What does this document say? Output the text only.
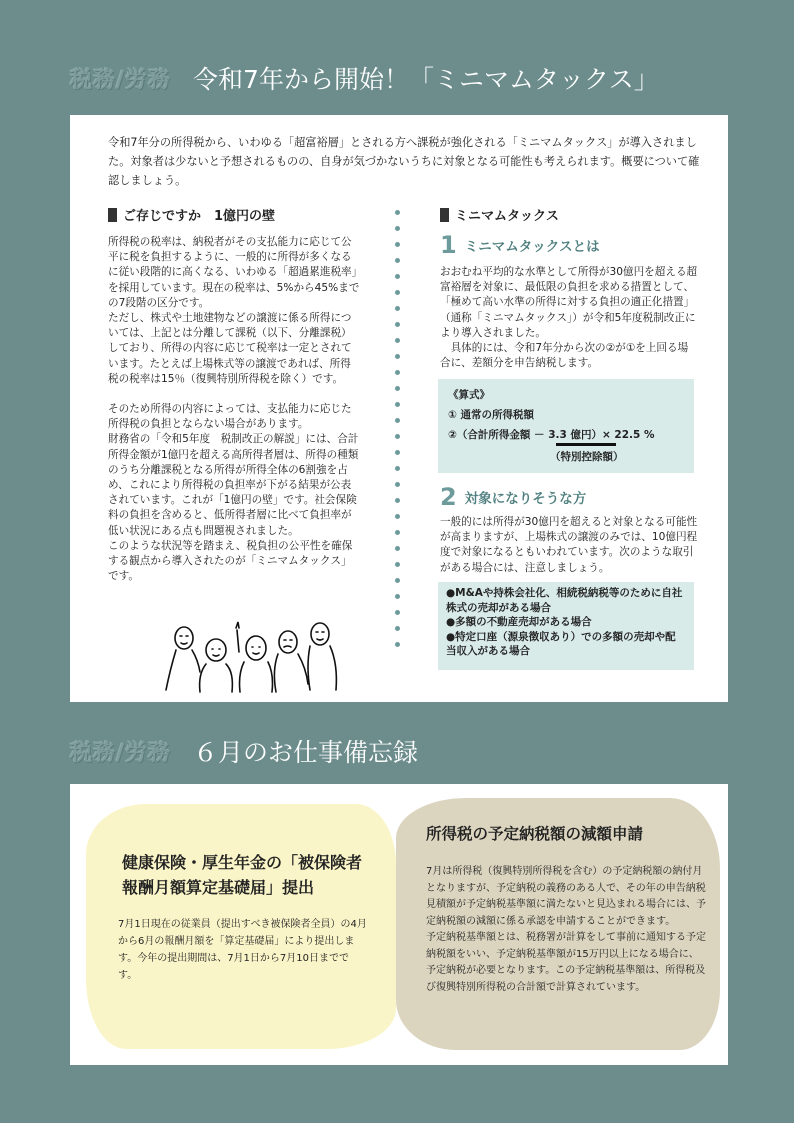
税務/労務 令和7年から開始！「ミニマムタックス」
令和7年分の所得税から、いわゆる「超富裕層」とされる方へ課税が強化される「ミニマムタックス」が導入されました。対象者は少ないと予想されるものの、自身が気づかないうちに対象となる可能性も考えられます。概要について確認しましょう。
ご存じですか　1億円の壁
所得税の税率は、納税者がその支払能力に応じて公平に税を負担するように、一般的に所得が多くなるに従い段階的に高くなる、いわゆる「超過累進税率」を採用しています。現在の税率は、5%から45%までの7段階の区分です。
ただし、株式や土地建物などの譲渡に係る所得については、上記とは分離して課税（以下、分離課税）しており、所得の内容に応じて税率は一定とされています。たとえば上場株式等の譲渡であれば、所得税の税率は15％（復興特別所得税を除く）です。
そのため所得の内容によっては、支払能力に応じた所得税の負担とならない場合があります。
財務省の「令和5年度　税制改正の解説」には、合計所得金額が1億円を超える高所得者層は、所得の種類のうち分離課税となる所得が所得全体の6割強を占め、これにより所得税の負担率が下がる結果が公表されています。これが「1億円の壁」です。社会保険料の負担を含めると、低所得者層に比べて負担率が低い状況にある点も問題視されました。
このような状況等を踏まえ、税負担の公平性を確保する観点から導入されたのが「ミニマムタックス」です。
ミニマムタックス
1 ミニマムタックスとは
おおむね平均的な水準として所得が30億円を超える超富裕層を対象に、最低限の負担を求める措置として、「極めて高い水準の所得に対する負担の適正化措置」（通称「ミニマムタックス」）が令和5年度税制改正により導入されました。
　具体的には、令和7年分から次の②が①を上回る場合に、差額分を申告納税します。
《算式》
① 通常の所得税額
②（合計所得金額 － 3.3 億円）× 22.5 %
（特別控除額）
2 対象になりそうな方
一般的には所得が30億円を超えると対象となる可能性が高まりますが、上場株式の譲渡のみでは、10億円程度で対象になるともいわれています。次のような取引がある場合には、注意しましょう。
●M&Aや持株会社化、相続税納税等のために自社株式の売却がある場合
●多額の不動産売却がある場合
●特定口座（源泉徴収あり）での多額の売却や配当収入がある場合
税務/労務 ６月のお仕事備忘録
健康保険・厚生年金の「被保険者報酬月額算定基礎届」提出
7月1日現在の従業員（提出すべき被保険者全員）の4月から6月の報酬月額を「算定基礎届」により提出します。今年の提出期間は、7月1日から7月10日までです。
所得税の予定納税額の減額申請
7月は所得税（復興特別所得税を含む）の予定納税額の納付月となりますが、予定納税の義務のある人で、その年の申告納税見積額が予定納税基準額に満たないと見込まれる場合には、予定納税額の減額に係る承認を申請することができます。
予定納税基準額とは、税務署が計算をして事前に通知する予定納税額をいい、予定納税基準額が15万円以上になる場合に、予定納税が必要となります。この予定納税基準額は、所得税及び復興特別所得税の合計額で計算されています。
